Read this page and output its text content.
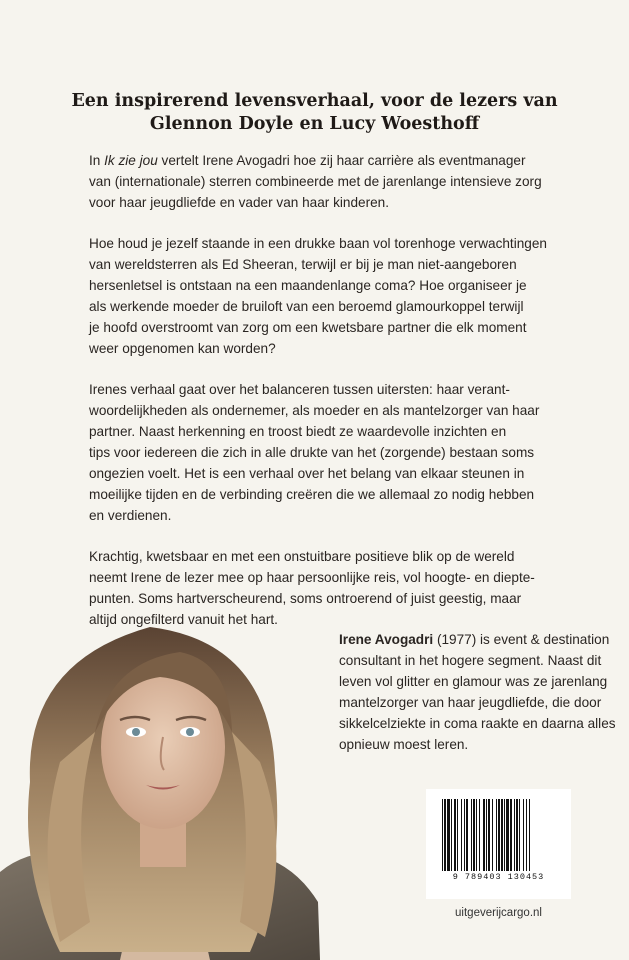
Een inspirerend levensverhaal, voor de lezers van
Glennon Doyle en Lucy Woesthoff

In Ik zie jou vertelt Irene Avogadri hoe zij haar carrière als eventmanager
van (internationale) sterren combineerde met de jarenlange intensieve zorg
voor haar jeugdliefde en vader van haar kinderen.

Hoe houd je jezelf staande in een drukke baan vol torenhoge verwachtingen
van wereldsterren als Ed Sheeran, terwijl er bij je man niet-aangeboren
hersenletsel is ontstaan na een maandenlange coma? Hoe organiseer je
als werkende moeder de bruiloft van een beroemd glamourkoppel terwijl
je hoofd overstroomt van zorg om een kwetsbare partner die elk moment
weer opgenomen kan worden?

Irenes verhaal gaat over het balanceren tussen uitersten: haar verant-
woordelijkheden als ondernemer, als moeder en als mantelzorger van haar
partner. Naast herkenning en troost biedt ze waardevolle inzichten en
tips voor iedereen die zich in alle drukte van het (zorgende) bestaan soms
ongezien voelt. Het is een verhaal over het belang van elkaar steunen in
moeilijke tijden en de verbinding creëren die we allemaal zo nodig hebben
en verdienen.

Krachtig, kwetsbaar en met een onstuitbare positieve blik op de wereld
neemt Irene de lezer mee op haar persoonlijke reis, vol hoogte- en diepte-
punten. Soms hartverscheurend, soms ontroerend of juist geestig, maar
altijd ongefilterd vanuit het hart.

Irene Avogadri (1977) is event & destination
consultant in het hogere segment. Naast dit
leven vol glitter en glamour was ze jarenlang
mantelzorger van haar jeugdliefde, die door
sikkelcelziekte in coma raakte en daarna alles
opnieuw moest leren.
9 789403 130453
uitgeverijcargo.nl
